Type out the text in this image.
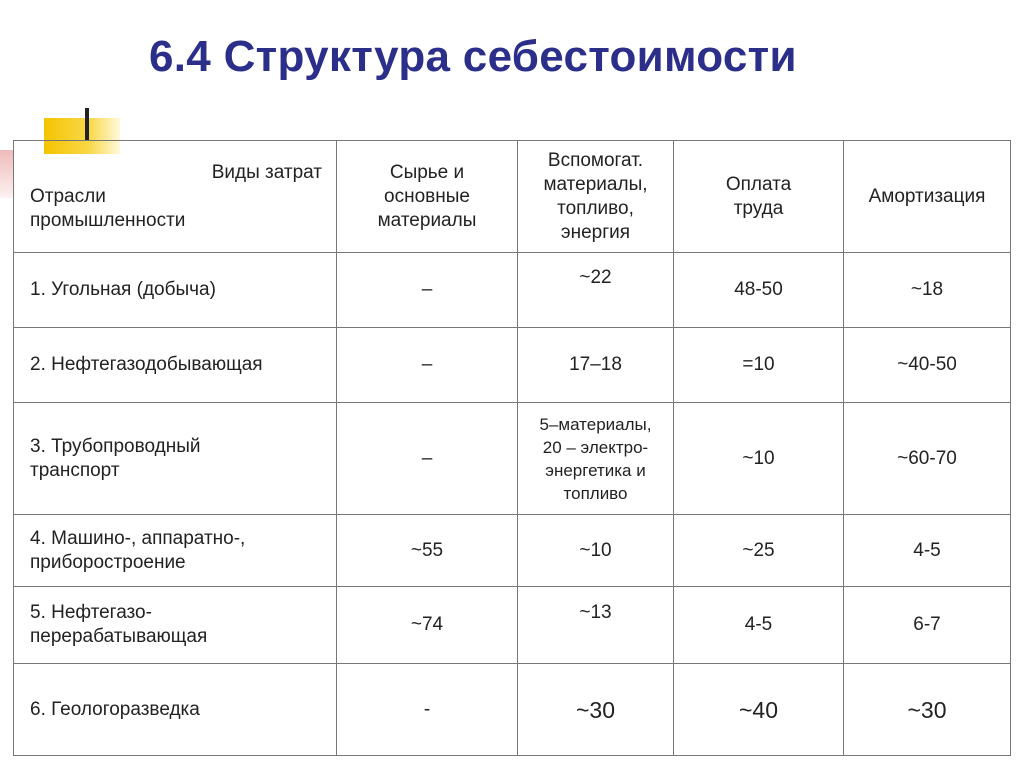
6.4 Структура себестоимости
Виды затрат
Отрасли
промышленности	Сырье и
основные
материалы	Вспомогат.
материалы,
топливо,
энергия	Оплата
труда	Амортизация
1. Угольная (добыча)	–	~22	48-50	~18
2. Нефтегазодобывающая	–	17–18	=10	~40-50
3. Трубопроводный
транспорт	–	5–материалы,
20 – электро-
энергетика и
топливо	~10	~60-70
4. Машино-, аппаратно-,
приборостроение	~55	~10	~25	4-5
5. Нефтегазо-
перерабатывающая	~74	~13	4-5	6-7
6. Геологоразведка	-	~30	~40	~30
